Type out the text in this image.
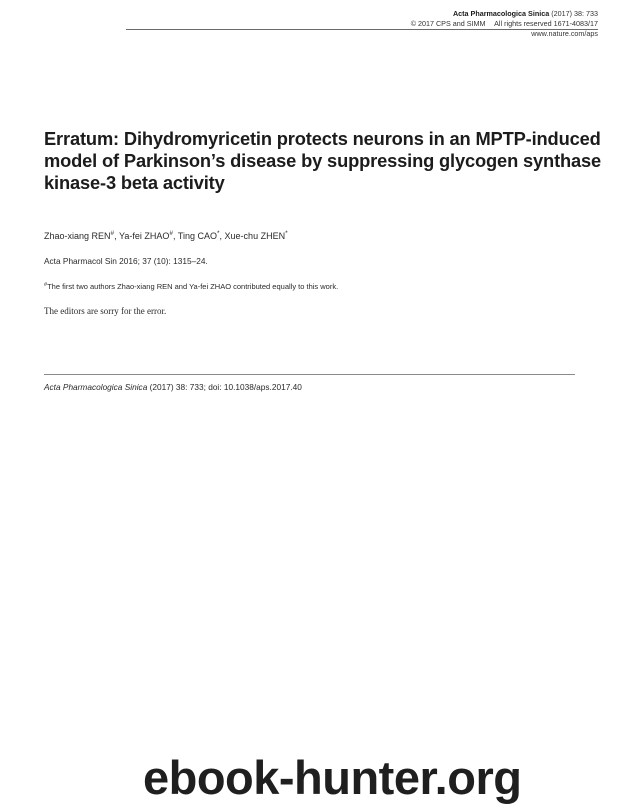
Acta Pharmacologica Sinica (2017) 38: 733
© 2017 CPS and SIMM All rights reserved 1671-4083/17
www.nature.com/aps
Erratum: Dihydromyricetin protects neurons in an MPTP-induced model of Parkinson’s disease by suppressing glycogen synthase kinase-3 beta activity
Zhao-xiang REN#, Ya-fei ZHAO#, Ting CAO*, Xue-chu ZHEN*
Acta Pharmacol Sin 2016; 37 (10): 1315–24.
#The first two authors Zhao-xiang REN and Ya-fei ZHAO contributed equally to this work.
The editors are sorry for the error.
Acta Pharmacologica Sinica (2017) 38: 733; doi: 10.1038/aps.2017.40
ebook-hunter.org
